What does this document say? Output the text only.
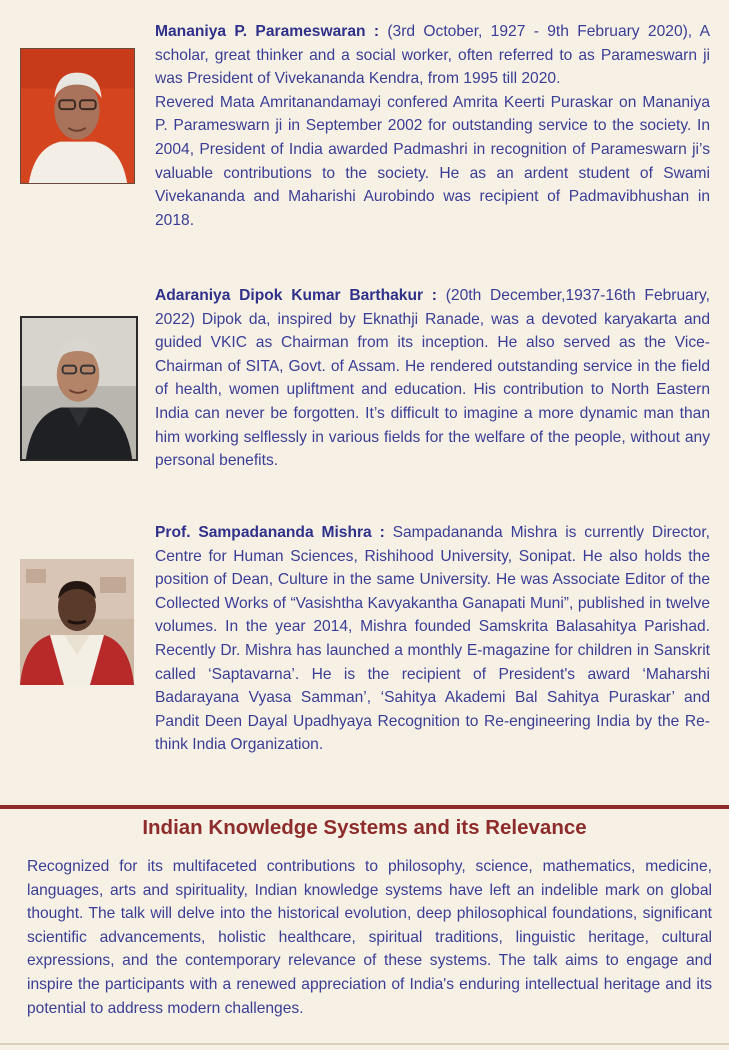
Mananiya P. Parameswaran : (3rd October, 1927 - 9th February 2020), A scholar, great thinker and a social worker, often referred to as Parameswarn ji was President of Vivekananda Kendra, from 1995 till 2020.
Revered Mata Amritanandamayi confered Amrita Keerti Puraskar on Mananiya P. Parameswarn ji in September 2002 for outstanding service to the society. In 2004, President of India awarded Padmashri in recognition of Parameswarn ji’s valuable contributions to the society. He as an ardent student of Swami Vivekananda and Maharishi Aurobindo was recipient of Padmavibhushan in 2018.
Adaraniya Dipok Kumar Barthakur : (20th December,1937-16th February, 2022) Dipok da, inspired by Eknathji Ranade, was a devoted karyakarta and guided VKIC as Chairman from its inception. He also served as the Vice-Chairman of SITA, Govt. of Assam. He rendered outstanding service in the field of health, women upliftment and education. His contribution to North Eastern India can never be forgotten. It’s difficult to imagine a more dynamic man than him working selflessly in various fields for the welfare of the people, without any personal benefits.
Prof. Sampadananda Mishra : Sampadananda Mishra is currently Director, Centre for Human Sciences, Rishihood University, Sonipat. He also holds the position of Dean, Culture in the same University. He was Associate Editor of the Collected Works of “Vasishtha Kavyakantha Ganapati Muni”, published in twelve volumes. In the year 2014, Mishra founded Samskrita Balasahitya Parishad. Recently Dr. Mishra has launched a monthly E-magazine for children in Sanskrit called ‘Saptavarna’. He is the recipient of President's award ‘Maharshi Badarayana Vyasa Samman’, ‘Sahitya Akademi Bal Sahitya Puraskar’ and Pandit Deen Dayal Upadhyaya Recognition to Re-engineering India by the Re-think India Organization.
Indian Knowledge Systems and its Relevance

Recognized for its multifaceted contributions to philosophy, science, mathematics, medicine, languages, arts and spirituality, Indian knowledge systems have left an indelible mark on global thought. The talk will delve into the historical evolution, deep philosophical foundations, significant scientific advancements, holistic healthcare, spiritual traditions, linguistic heritage, cultural expressions, and the contemporary relevance of these systems. The talk aims to engage and inspire the participants with a renewed appreciation of India's enduring intellectual heritage and its potential to address modern challenges.
